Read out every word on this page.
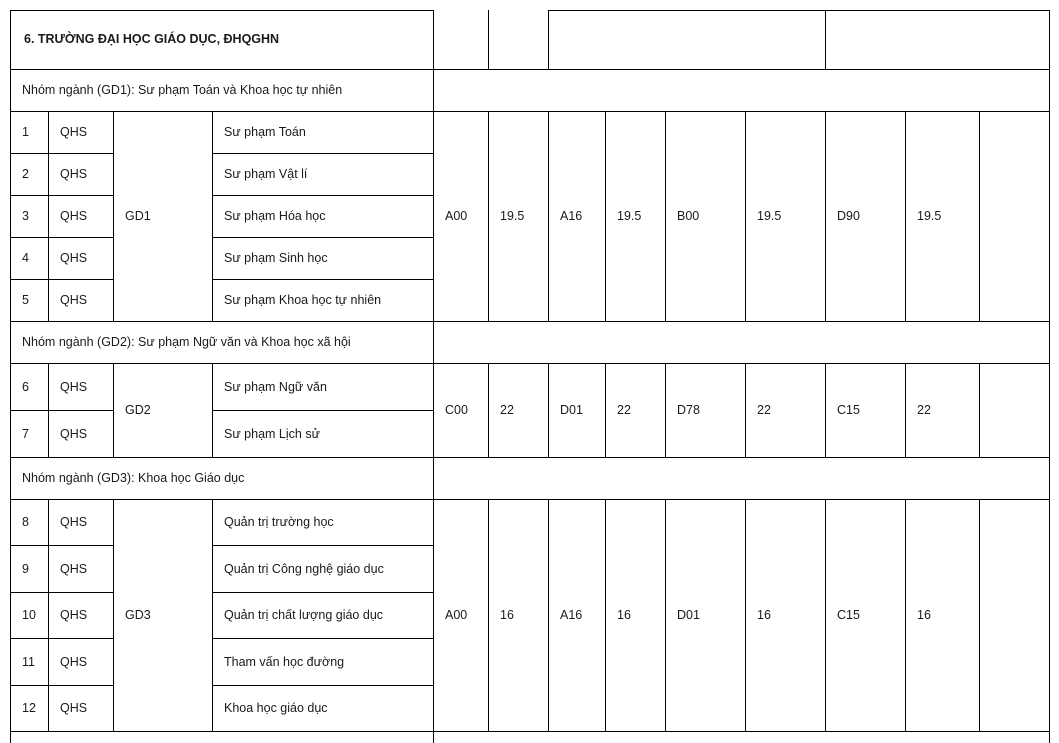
6. TRƯỜNG ĐẠI HỌC GIÁO DỤC, ĐHQGHN
Nhóm ngành (GD1): Sư phạm Toán và Khoa học tự nhiên
1	QHS	Sư phạm Toán
2	QHS	Sư phạm Vật lí
3	QHS	Sư phạm Hóa học
4	QHS	Sư phạm Sinh học
5	QHS	Sư phạm Khoa học tự nhiên
GD1	A00	19.5	A16	19.5	B00	19.5	D90	19.5
Nhóm ngành (GD2): Sư phạm Ngữ văn và Khoa học xã hội
6	QHS	Sư phạm Ngữ văn
7	QHS	Sư phạm Lịch sử
GD2	C00	22	D01	22	D78	22	C15	22
Nhóm ngành (GD3): Khoa học Giáo dục
8	QHS	Quản trị trường học
9	QHS	Quản trị Công nghệ giáo dục
10	QHS	Quản trị chất lượng giáo dục
11	QHS	Tham vấn học đường
12	QHS	Khoa học giáo dục
GD3	A00	16	A16	16	D01	16	C15	16
